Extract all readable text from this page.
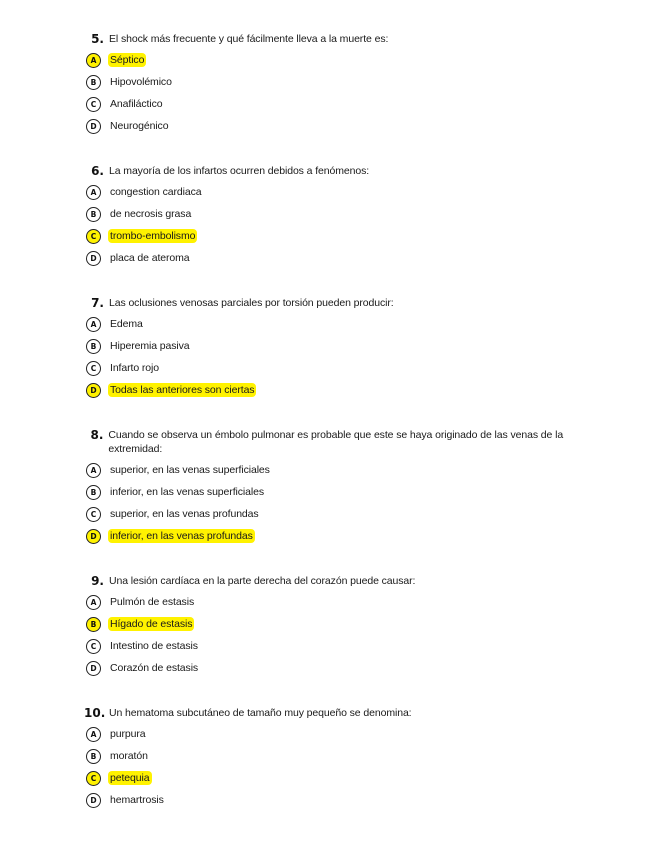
5. El shock más frecuente y qué fácilmente lleva a la muerte es:
A	Séptico
B	Hipovolémico
C	Anafiláctico
D	Neurogénico
6. La mayoría de los infartos ocurren debidos a fenómenos:
A	congestion cardiaca
B	de necrosis grasa
C	trombo-embolismo
D	placa de ateroma
7. Las oclusiones venosas parciales por torsión pueden producir:
A	Edema
B	Hiperemia pasiva
C	Infarto rojo
D	Todas las anteriores son ciertas
8. Cuando se observa un émbolo pulmonar es probable que este se haya originado de las venas de la extremidad:
A	superior, en las venas superficiales
B	inferior, en las venas superficiales
C	superior, en las venas profundas
D	inferior, en las venas profundas
9. Una lesión cardíaca en la parte derecha del corazón puede causar:
A	Pulmón de estasis
B	Hígado de estasis
C	Intestino de estasis
D	Corazón de estasis
10. Un hematoma subcutáneo de tamaño muy pequeño se denomina:
A	purpura
B	moratón
C	petequia
D	hemartrosis
